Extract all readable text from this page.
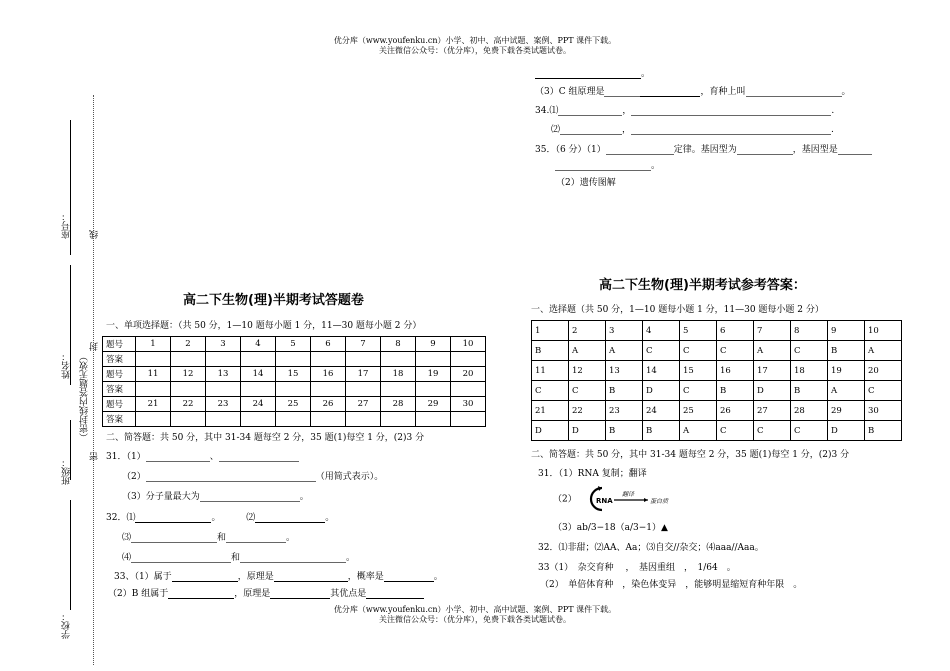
优分库（www.youfenku.cn）小学、初中、高中试题、案例、PPT 课件下载。
关注微信公众号：（优分库），免费下载各类试题试卷。
座号： 线
姓名：
封
（密封线内答题无效）
班级：
密
学校：
高二下生物(理)半期考试答题卷
一、单项选择题：（共 50 分，1—10 题每小题 1 分，11—30 题每小题 2 分）
题号	1	2	3	4	5	6	7	8	9	10
答案										
题号	11	12	13	14	15	16	17	18	19	20
答案										
题号	21	22	23	24	25	26	27	28	29	30
答案										
二、简答题：共 50 分，其中 31-34 题每空 2 分，35 题(1)每空 1 分，(2)3 分
31．（1）	、
（2）	（用简式表示）。
（3）分子量最大为	。
32．⑴	。	⑵	。
⑶	和	。
⑷	和	。
33、（1）属于	，原理是	，概率是	。
（2）B 组属于	，原理是	其优点是
。
（3）C 组原理是	，育种上叫	。
34.⑴	，	.
⑵	，	.
35．（6 分）（1）	定律。基因型为	，基因型是
。
（2）遗传图解
高二下生物(理)半期考试参考答案：
一、选择题（共 50 分，1—10 题每小题 1 分，11—30 题每小题 2 分）
1	2	3	4	5	6	7	8	9	10
B	A	A	C	C	C	A	C	B	A
11	12	13	14	15	16	17	18	19	20
C	C	B	D	C	B	D	B	A	C
21	22	23	24	25	26	27	28	29	30
D	D	B	B	A	C	C	C	D	B
二、简答题：共 50 分，其中 31-34 题每空 2 分，35 题(1)每空 1 分，(2)3 分
31．（1）RNA 复制；翻译
（2）	RNA
翻译
蛋白质
（3）ab/3−18（a/3−1）▲
32．⑴非甜；⑵AA、Aa；⑶自交//杂交；⑷aaa//Aaa。
33（1）　杂交育种　 ，　基因重组　，　1/64　。
（2）　单倍体育种　，染色体变异　，能够明显缩短育种年限　。
优分库（www.youfenku.cn）小学、初中、高中试题、案例、PPT 课件下载。
关注微信公众号：（优分库），免费下载各类试题试卷。
